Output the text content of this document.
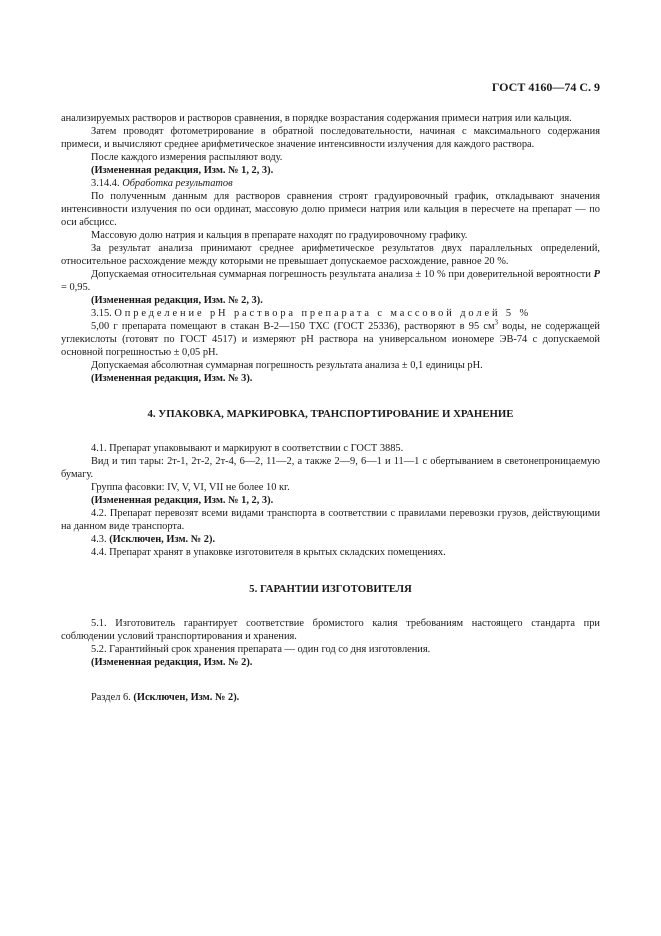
ГОСТ 4160—74 С. 9

анализируемых растворов и растворов сравнения, в порядке возрастания содержания примеси натрия или кальция.

Затем проводят фотометрирование в обратной последовательности, начиная с максимального содержания примеси, и вычисляют среднее арифметическое значение интенсивности излучения для каждого раствора.

После каждого измерения распыляют воду.

(Измененная редакция, Изм. № 1, 2, 3).

3.14.4. Обработка результатов

По полученным данным для растворов сравнения строят градуировочный график, откладывают значения интенсивности излучения по оси ординат, массовую долю примеси натрия или кальция в пересчете на препарат — по оси абсцисс.

Массовую долю натрия и кальция в препарате находят по градуировочному графику.

За результат анализа принимают среднее арифметическое результатов двух параллельных определений, относительное расхождение между которыми не превышает допускаемое расхождение, равное 20 %.

Допускаемая относительная суммарная погрешность результата анализа ± 10 % при доверительной вероятности P = 0,95.

(Измененная редакция, Изм. № 2, 3).

3.15. Определение pH раствора препарата с массовой долей 5 %

5,00 г препарата помещают в стакан В-2—150 ТХС (ГОСТ 25336), растворяют в 95 $см^3$ воды, не содержащей углекислоты (готовят по ГОСТ 4517) и измеряют pH раствора на универсальном иономере ЭВ-74 с допускаемой основной погрешностью ± 0,05 pH.

Допускаемая абсолютная суммарная погрешность результата анализа ± 0,1 единицы pH.

(Измененная редакция, Изм. № 3).

4. УПАКОВКА, МАРКИРОВКА, ТРАНСПОРТИРОВАНИЕ И ХРАНЕНИЕ

4.1. Препарат упаковывают и маркируют в соответствии с ГОСТ 3885.

Вид и тип тары: 2т-1, 2т-2, 2т-4, 6—2, 11—2, а также 2—9, 6—1 и 11—1 с обертыванием в светонепроницаемую бумагу.

Группа фасовки: IV, V, VI, VII не более 10 кг.

(Измененная редакция, Изм. № 1, 2, 3).

4.2. Препарат перевозят всеми видами транспорта в соответствии с правилами перевозки грузов, действующими на данном виде транспорта.

4.3. (Исключен, Изм. № 2).

4.4. Препарат хранят в упаковке изготовителя в крытых складских помещениях.

5. ГАРАНТИИ ИЗГОТОВИТЕЛЯ

5.1. Изготовитель гарантирует соответствие бромистого калия требованиям настоящего стандарта при соблюдении условий транспортирования и хранения.

5.2. Гарантийный срок хранения препарата — один год со дня изготовления.

(Измененная редакция, Изм. № 2).

Раздел 6. (Исключен, Изм. № 2).
